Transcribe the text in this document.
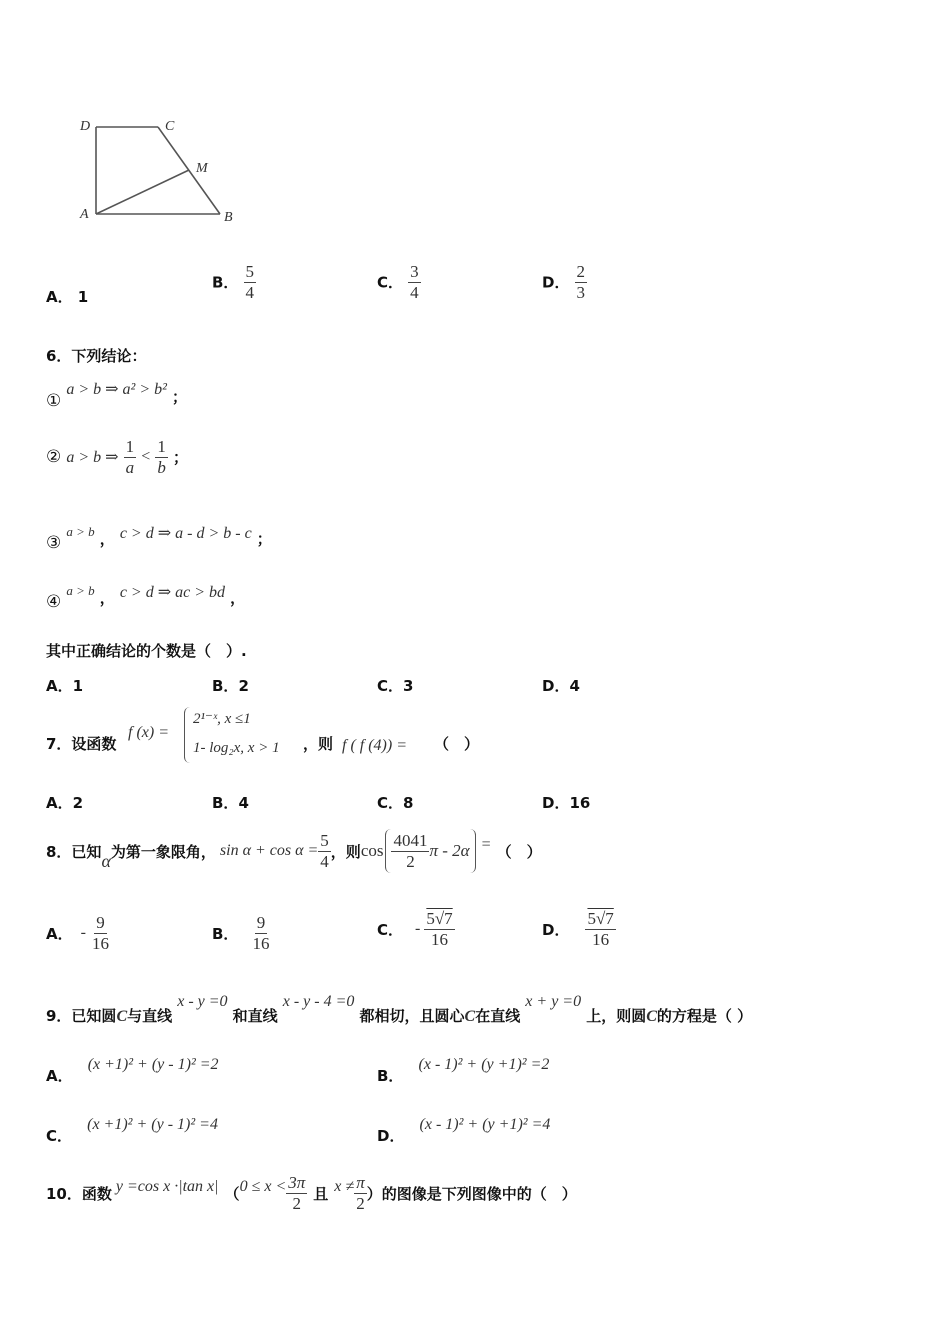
D	C
M
A	B
A． 1
B． $\frac{5}{4}$	C． $\frac{3}{4}$	D． $\frac{2}{3}$
6．下列结论：
① a > b ⇒ a² > b² ；
② a > b ⇒ $\frac{1}{a} < \frac{1}{b}$ ；
③ a > b ， c > d ⇒ a - d > b - c ；
④ a > b ， c > d ⇒ ac > bd ，
其中正确结论的个数是（　）.
A．1	B．2	C．3	D．4
7．设函数
f (x) =
2¹⁻ˣ, x ≤1
1- log₂x, x > 1 ，则 f ( f (4)) = （　）
A．2	B．4	C．8	D．16
8．已知 α 为第一象限角， $\sin \alpha + \cos \alpha = \frac{5}{4}$ ，则 $\cos \frac{4041}{2}$ π - 2α = （　）
A． - $\frac{9}{16}$	B． $\frac{9}{16}$	C． - $\frac{5√7}{16}$	D． $\frac{5√7}{16}$
9．已知圆C与直线 x - y =0 和直线 x - y - 4 =0 都相切，且圆心C在直线 x + y =0 上，则圆C的方程是（ ）
A． (x +1)² + (y - 1)² =2
B． (x - 1)² + (y +1)² =2
C． (x +1)² + (y - 1)² =4
D． (x - 1)² + (y +1)² =4
10．函数 y =cos x ·|tan x| （ $0 \le x < \frac{3\pi}{2}$ 且 $x \ne \frac{\pi}{2}$ ）的图像是下列图像中的（　）
